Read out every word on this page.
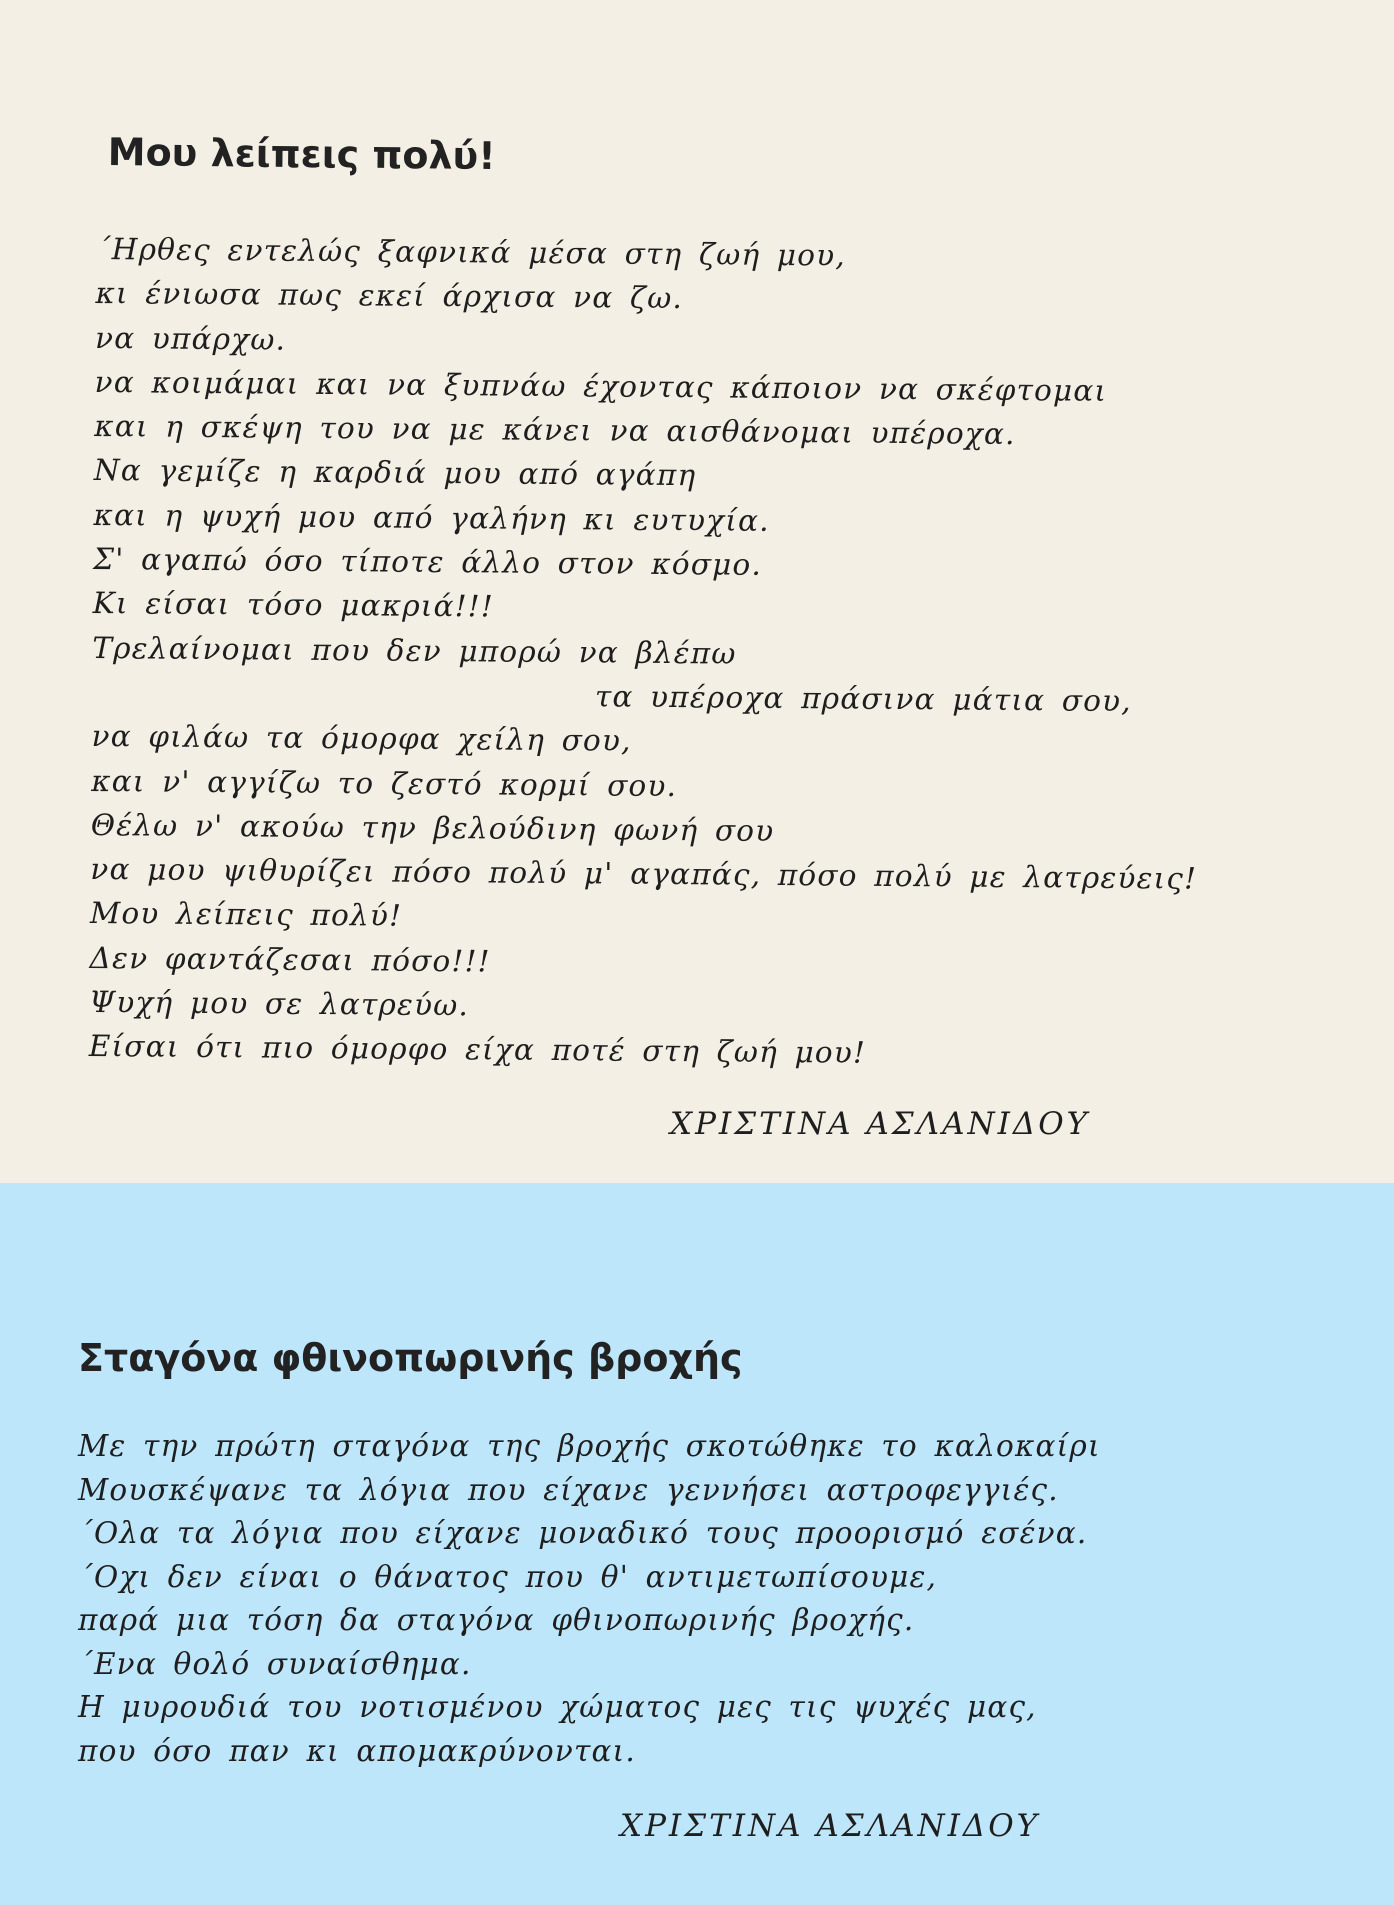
Μου λείπεις πολύ!
΄Ηρθες εντελώς ξαφνικά μέσα στη ζωή μου,
κι ένιωσα πως εκεί άρχισα να ζω.
να υπάρχω.
να κοιμάμαι και να ξυπνάω έχοντας κάποιον να σκέφτομαι
και η σκέψη του να με κάνει να αισθάνομαι υπέροχα.
Να γεμίζε η καρδιά μου από αγάπη
και η ψυχή μου από γαλήνη κι ευτυχία.
Σ' αγαπώ όσο τίποτε άλλο στον κόσμο.
Κι είσαι τόσο μακριά!!!
Τρελαίνομαι που δεν μπορώ να βλέπω
τα υπέροχα πράσινα μάτια σου,
να φιλάω τα όμορφα χείλη σου,
και ν' αγγίζω το ζεστό κορμί σου.
Θέλω ν' ακούω την βελούδινη φωνή σου
να μου ψιθυρίζει πόσο πολύ μ' αγαπάς, πόσο πολύ με λατρεύεις!
Μου λείπεις πολύ!
Δεν φαντάζεσαι πόσο!!!
Ψυχή μου σε λατρεύω.
Είσαι ότι πιο όμορφο είχα ποτέ στη ζωή μου!

ΧΡΙΣΤΙΝΑ ΑΣΛΑΝΙΔΟΥ

Σταγόνα φθινοπωρινής βροχής
Με την πρώτη σταγόνα της βροχής σκοτώθηκε το καλοκαίρι
Μουσκέψανε τα λόγια που είχανε γεννήσει αστροφεγγιές.
΄Ολα τα λόγια που είχανε μοναδικό τους προορισμό εσένα.
΄Οχι δεν είναι ο θάνατος που θ' αντιμετωπίσουμε,
παρά μια τόση δα σταγόνα φθινοπωρινής βροχής.
΄Ενα θολό συναίσθημα.
Η μυρουδιά του νοτισμένου χώματος μες τις ψυχές μας,
που όσο παν κι απομακρύνονται.

ΧΡΙΣΤΙΝΑ ΑΣΛΑΝΙΔΟΥ
